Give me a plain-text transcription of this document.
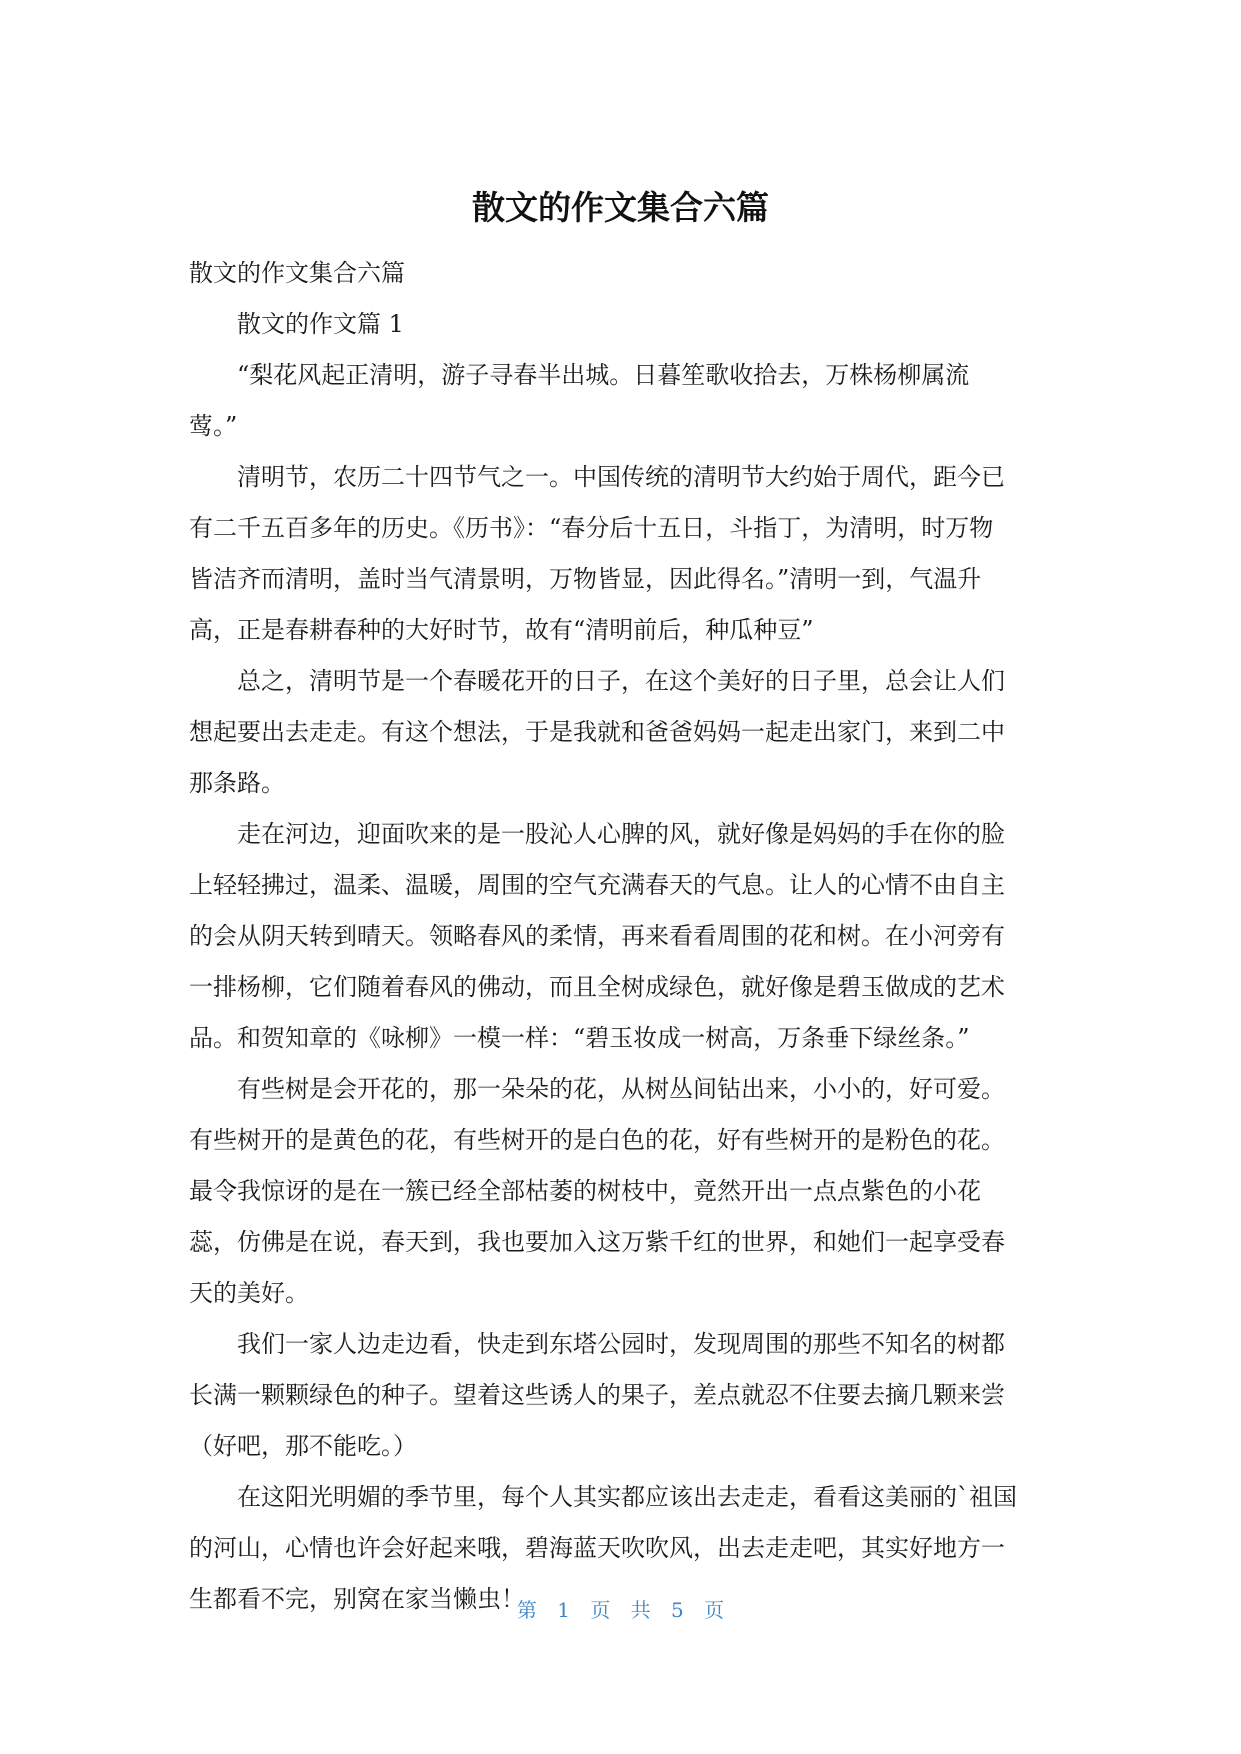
散文的作文集合六篇

散文的作文集合六篇

散文的作文篇 1

“梨花风起正清明，游子寻春半出城。日暮笙歌收拾去，万株杨柳属流
莺。”

清明节，农历二十四节气之一。中国传统的清明节大约始于周代，距今已
有二千五百多年的历史。《历书》：“春分后十五日，斗指丁，为清明，时万物
皆洁齐而清明，盖时当气清景明，万物皆显，因此得名。”清明一到，气温升
高，正是春耕春种的大好时节，故有“清明前后，种瓜种豆”

总之，清明节是一个春暖花开的日子，在这个美好的日子里，总会让人们
想起要出去走走。有这个想法，于是我就和爸爸妈妈一起走出家门，来到二中
那条路。

走在河边，迎面吹来的是一股沁人心脾的风，就好像是妈妈的手在你的脸
上轻轻拂过，温柔、温暖，周围的空气充满春天的气息。让人的心情不由自主
的会从阴天转到晴天。领略春风的柔情，再来看看周围的花和树。在小河旁有
一排杨柳，它们随着春风的佛动，而且全树成绿色，就好像是碧玉做成的艺术
品。和贺知章的《咏柳》一模一样：“碧玉妆成一树高，万条垂下绿丝条。”

有些树是会开花的，那一朵朵的花，从树丛间钻出来，小小的，好可爱。
有些树开的是黄色的花，有些树开的是白色的花，好有些树开的是粉色的花。
最令我惊讶的是在一簇已经全部枯萎的树枝中，竟然开出一点点紫色的小花
蕊，仿佛是在说，春天到，我也要加入这万紫千红的世界，和她们一起享受春
天的美好。

我们一家人边走边看，快走到东塔公园时，发现周围的那些不知名的树都
长满一颗颗绿色的种子。望着这些诱人的果子，差点就忍不住要去摘几颗来尝
（好吧，那不能吃。）

在这阳光明媚的季节里，每个人其实都应该出去走走，看看这美丽的`祖国
的河山，心情也许会好起来哦，碧海蓝天吹吹风，出去走走吧，其实好地方一
生都看不完，别窝在家当懒虫！

第 1 页 共 5 页
